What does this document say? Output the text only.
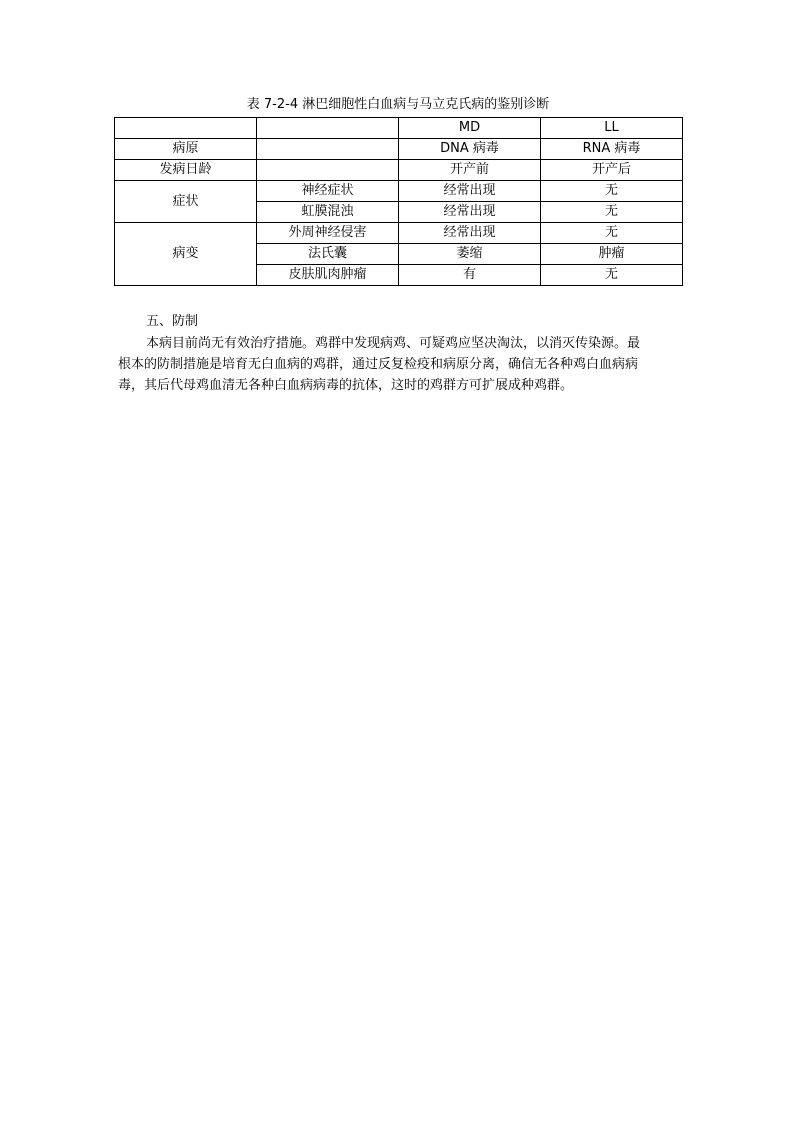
表 7-2-4 淋巴细胞性白血病与马立克氏病的鉴别诊断
		MD	LL
病原		DNA 病毒	RNA 病毒
发病日龄		开产前	开产后
症状	神经症状	经常出现	无
	虹膜混浊	经常出现	无
病变	外周神经侵害	经常出现	无
	法氏囊	萎缩	肿瘤
	皮肤肌肉肿瘤	有	无
五、防制
本病目前尚无有效治疗措施。鸡群中发现病鸡、可疑鸡应坚决淘汰，以消灭传染源。最
根本的防制措施是培育无白血病的鸡群，通过反复检疫和病原分离，确信无各种鸡白血病病
毒，其后代母鸡血清无各种白血病病毒的抗体，这时的鸡群方可扩展成种鸡群。
